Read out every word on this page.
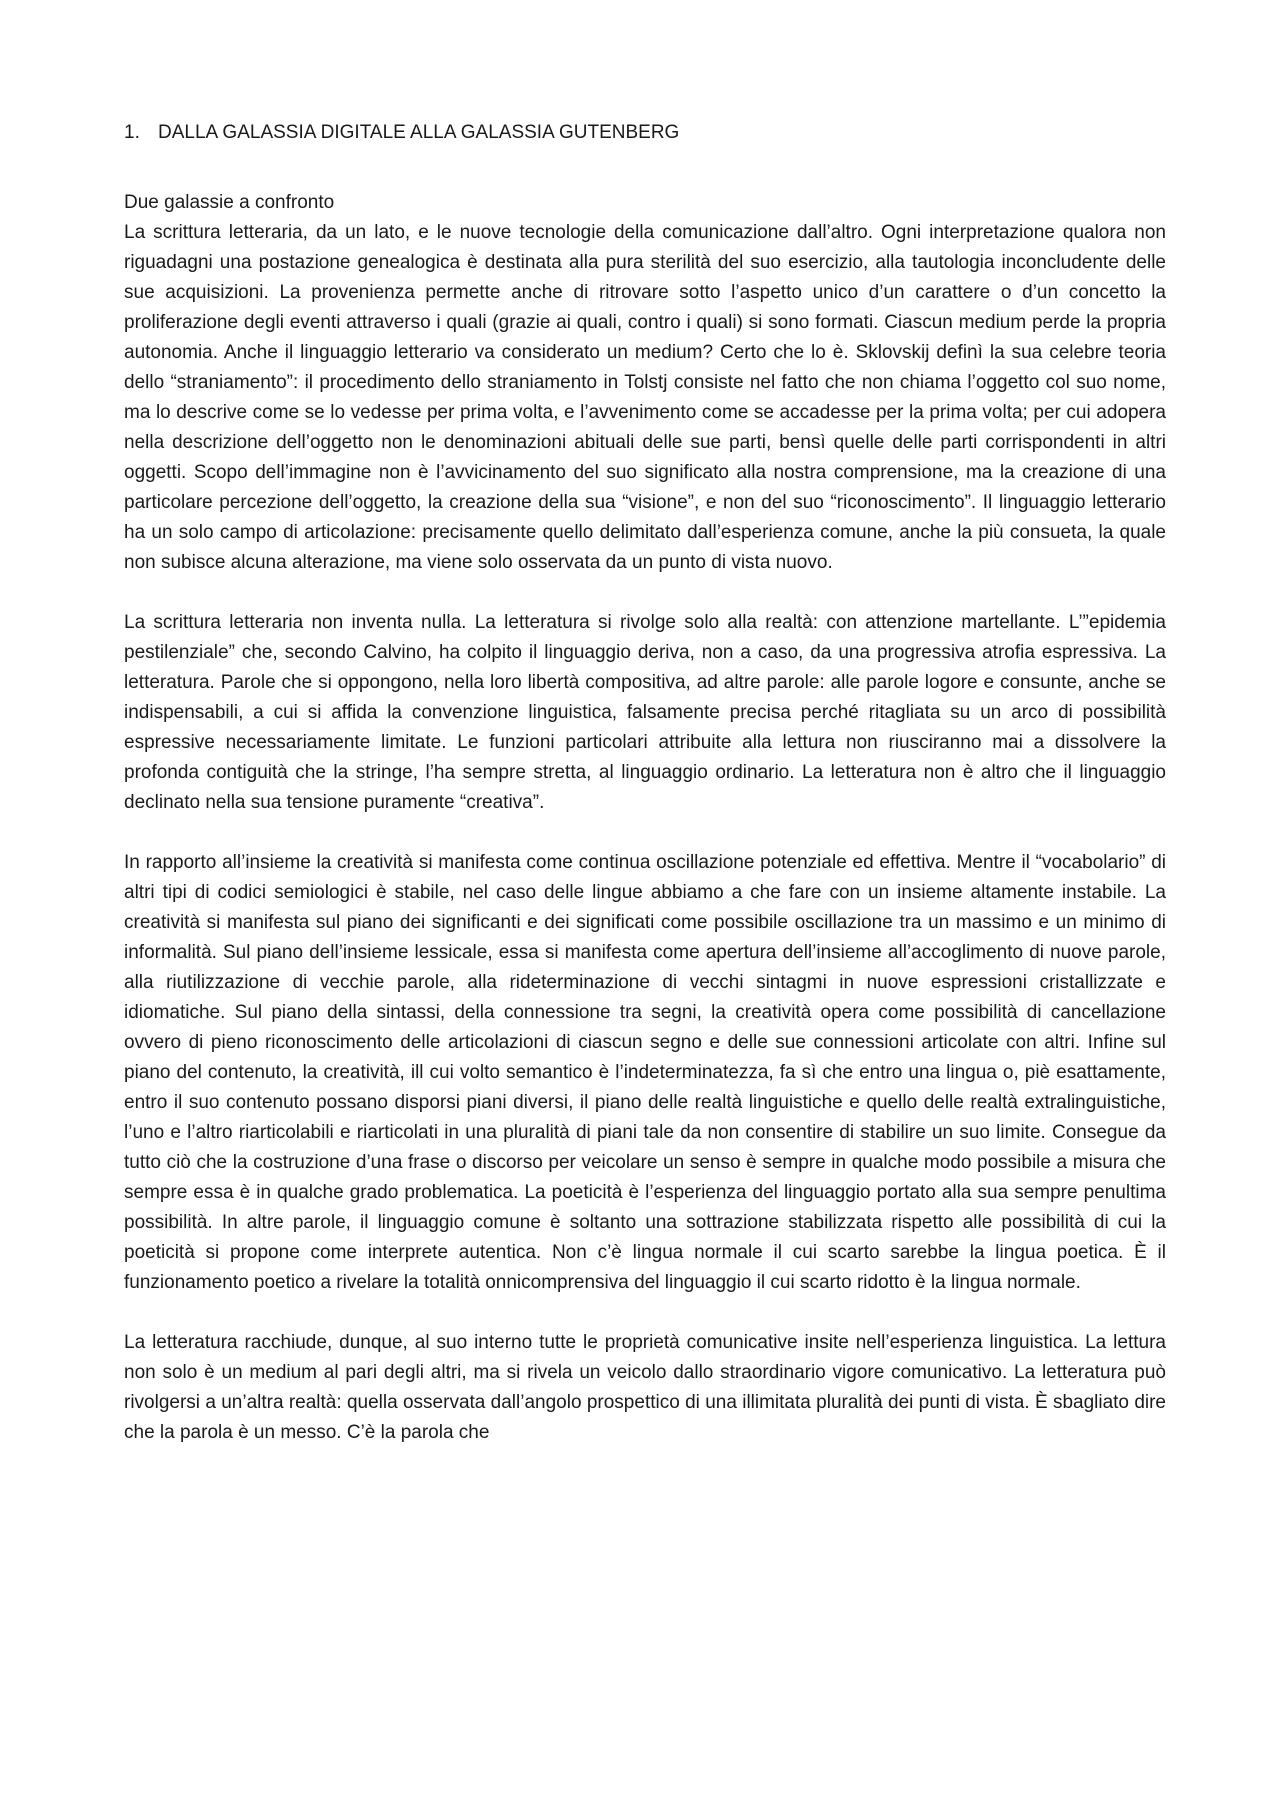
1. DALLA GALASSIA DIGITALE ALLA GALASSIA GUTENBERG

Due galassie a confronto

La scrittura letteraria, da un lato, e le nuove tecnologie della comunicazione dall’altro. Ogni interpretazione qualora non riguadagni una postazione genealogica è destinata alla pura sterilità del suo esercizio, alla tautologia inconcludente delle sue acquisizioni. La provenienza permette anche di ritrovare sotto l’aspetto unico d’un carattere o d’un concetto la proliferazione degli eventi attraverso i quali (grazie ai quali, contro i quali) si sono formati. Ciascun medium perde la propria autonomia. Anche il linguaggio letterario va considerato un medium? Certo che lo è. Sklovskij definì la sua celebre teoria dello “straniamento”: il procedimento dello straniamento in Tolstj consiste nel fatto che non chiama l’oggetto col suo nome, ma lo descrive come se lo vedesse per prima volta, e l’avvenimento come se accadesse per la prima volta; per cui adopera nella descrizione dell’oggetto non le denominazioni abituali delle sue parti, bensì quelle delle parti corrispondenti in altri oggetti. Scopo dell’immagine non è l’avvicinamento del suo significato alla nostra comprensione, ma la creazione di una particolare percezione dell’oggetto, la creazione della sua “visione”, e non del suo “riconoscimento”. Il linguaggio letterario ha un solo campo di articolazione: precisamente quello delimitato dall’esperienza comune, anche la più consueta, la quale non subisce alcuna alterazione, ma viene solo osservata da un punto di vista nuovo.

La scrittura letteraria non inventa nulla. La letteratura si rivolge solo alla realtà: con attenzione martellante. L’”epidemia pestilenziale” che, secondo Calvino, ha colpito il linguaggio deriva, non a caso, da una progressiva atrofia espressiva. La letteratura. Parole che si oppongono, nella loro libertà compositiva, ad altre parole: alle parole logore e consunte, anche se indispensabili, a cui si affida la convenzione linguistica, falsamente precisa perché ritagliata su un arco di possibilità espressive necessariamente limitate. Le funzioni particolari attribuite alla lettura non riusciranno mai a dissolvere la profonda contiguità che la stringe, l’ha sempre stretta, al linguaggio ordinario. La letteratura non è altro che il linguaggio declinato nella sua tensione puramente “creativa”.

In rapporto all’insieme la creatività si manifesta come continua oscillazione potenziale ed effettiva. Mentre il “vocabolario” di altri tipi di codici semiologici è stabile, nel caso delle lingue abbiamo a che fare con un insieme altamente instabile. La creatività si manifesta sul piano dei significanti e dei significati come possibile oscillazione tra un massimo e un minimo di informalità. Sul piano dell’insieme lessicale, essa si manifesta come apertura dell’insieme all’accoglimento di nuove parole, alla riutilizzazione di vecchie parole, alla rideterminazione di vecchi sintagmi in nuove espressioni cristallizzate e idiomatiche. Sul piano della sintassi, della connessione tra segni, la creatività opera come possibilità di cancellazione ovvero di pieno riconoscimento delle articolazioni di ciascun segno e delle sue connessioni articolate con altri. Infine sul piano del contenuto, la creatività, ill cui volto semantico è l’indeterminatezza, fa sì che entro una lingua o, piè esattamente, entro il suo contenuto possano disporsi piani diversi, il piano delle realtà linguistiche e quello delle realtà extralinguistiche, l’uno e l’altro riarticolabili e riarticolati in una pluralità di piani tale da non consentire di stabilire un suo limite. Consegue da tutto ciò che la costruzione d’una frase o discorso per veicolare un senso è sempre in qualche modo possibile a misura che sempre essa è in qualche grado problematica. La poeticità è l’esperienza del linguaggio portato alla sua sempre penultima possibilità. In altre parole, il linguaggio comune è soltanto una sottrazione stabilizzata rispetto alle possibilità di cui la poeticità si propone come interprete autentica. Non c’è lingua normale il cui scarto sarebbe la lingua poetica. È il funzionamento poetico a rivelare la totalità onnicomprensiva del linguaggio il cui scarto ridotto è la lingua normale.

La letteratura racchiude, dunque, al suo interno tutte le proprietà comunicative insite nell’esperienza linguistica. La lettura non solo è un medium al pari degli altri, ma si rivela un veicolo dallo straordinario vigore comunicativo. La letteratura può rivolgersi a un’altra realtà: quella osservata dall’angolo prospettico di una illimitata pluralità dei punti di vista. È sbagliato dire che la parola è un messo. C’è la parola che
